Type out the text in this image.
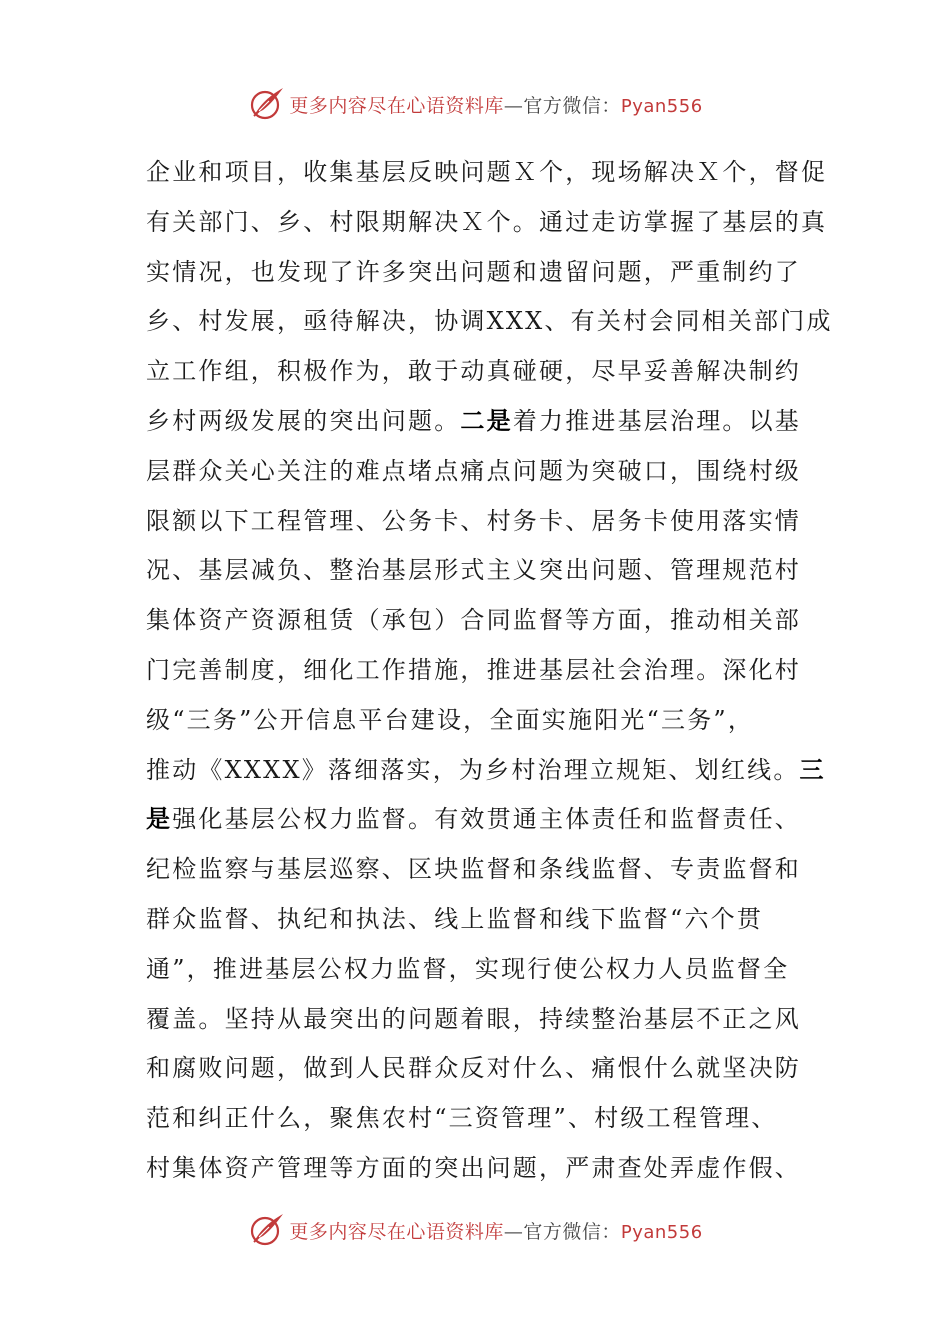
更多内容尽在心语资料库—官方微信：Pyan556
企业和项目，收集基层反映问题Ｘ个，现场解决Ｘ个，督促
有关部门、乡、村限期解决Ｘ个。通过走访掌握了基层的真
实情况，也发现了许多突出问题和遗留问题，严重制约了
乡、村发展，亟待解决，协调XXX、有关村会同相关部门成
立工作组，积极作为，敢于动真碰硬，尽早妥善解决制约
乡村两级发展的突出问题。二是着力推进基层治理。以基
层群众关心关注的难点堵点痛点问题为突破口，围绕村级
限额以下工程管理、公务卡、村务卡、居务卡使用落实情
况、基层减负、整治基层形式主义突出问题、管理规范村
集体资产资源租赁（承包）合同监督等方面，推动相关部
门完善制度，细化工作措施，推进基层社会治理。深化村
级“三务”公开信息平台建设，全面实施阳光“三务”，
推动《XXXX》落细落实，为乡村治理立规矩、划红线。三
是强化基层公权力监督。有效贯通主体责任和监督责任、
纪检监察与基层巡察、区块监督和条线监督、专责监督和
群众监督、执纪和执法、线上监督和线下监督“六个贯
通”，推进基层公权力监督，实现行使公权力人员监督全
覆盖。坚持从最突出的问题着眼，持续整治基层不正之风
和腐败问题，做到人民群众反对什么、痛恨什么就坚决防
范和纠正什么，聚焦农村“三资管理”、村级工程管理、
村集体资产管理等方面的突出问题，严肃查处弄虚作假、
更多内容尽在心语资料库—官方微信：Pyan556
